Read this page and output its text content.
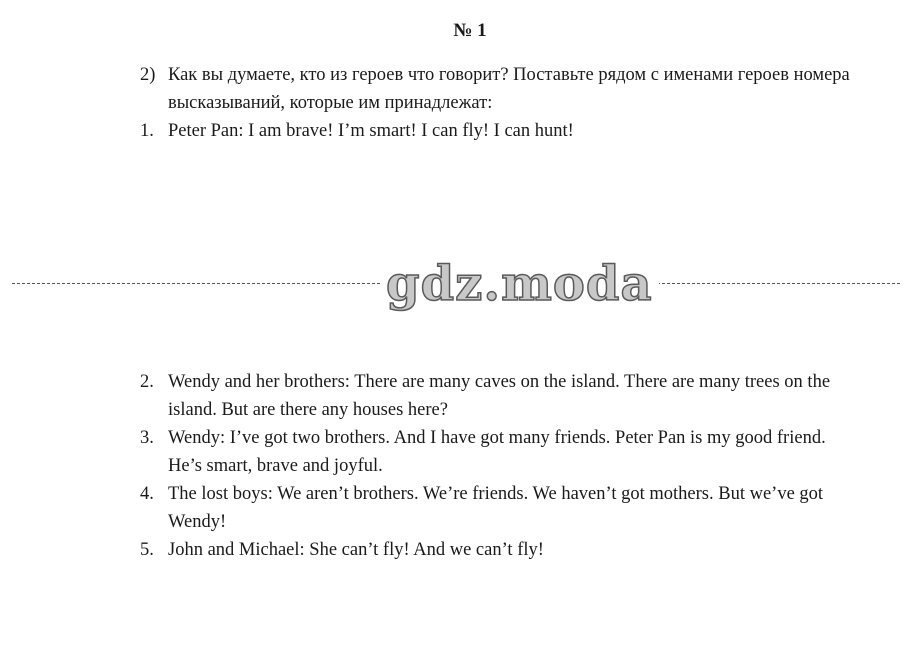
№ 1
2) Как вы думаете, кто из героев что говорит? Поставьте рядом с именами героев номера высказываний, которые им принадлежат:
1. Peter Pan: I am brave! I’m smart! I can fly! I can hunt!
gdz.moda
2. Wendy and her brothers: There are many caves on the island. There are many trees on the island. But are there any houses here?
3. Wendy: I’ve got two brothers. And I have got many friends. Peter Pan is my good friend. He’s smart, brave and joyful.
4. The lost boys: We aren’t brothers. We’re friends. We haven’t got mothers. But we’ve got Wendy!
5. John and Michael: She can’t fly! And we can’t fly!
